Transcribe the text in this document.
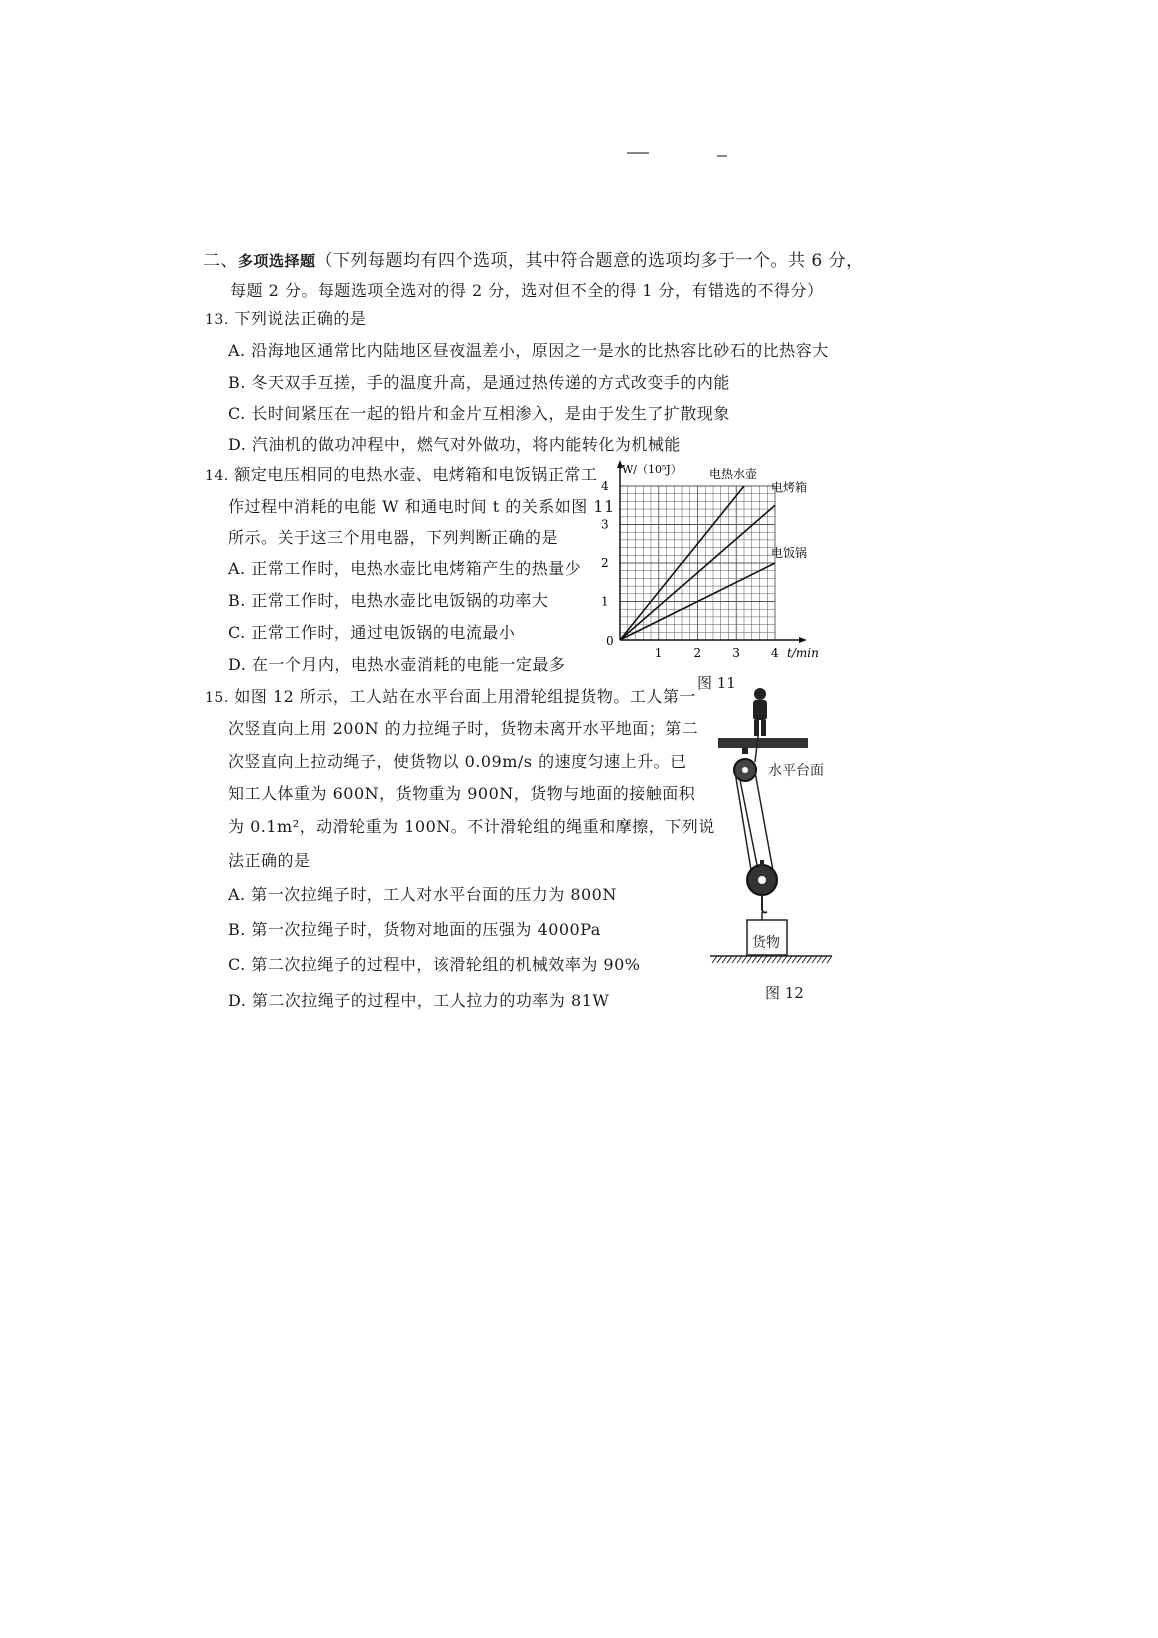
二、多项选择题（下列每题均有四个选项，其中符合题意的选项均多于一个。共 6 分，
每题 2 分。每题选项全选对的得 2 分，选对但不全的得 1 分，有错选的不得分）
13. 下列说法正确的是
A. 沿海地区通常比内陆地区昼夜温差小，原因之一是水的比热容比砂石的比热容大
B. 冬天双手互搓，手的温度升高，是通过热传递的方式改变手的内能
C. 长时间紧压在一起的铅片和金片互相渗入，是由于发生了扩散现象
D. 汽油机的做功冲程中，燃气对外做功，将内能转化为机械能
14. 额定电压相同的电热水壶、电烤箱和电饭锅正常工
作过程中消耗的电能 W 和通电时间 t 的关系如图 11
所示。关于这三个用电器，下列判断正确的是
A. 正常工作时，电热水壶比电烤箱产生的热量少
B. 正常工作时，电热水壶比电饭锅的功率大
C. 正常工作时，通过电饭锅的电流最小
D. 在一个月内，电热水壶消耗的电能一定最多
1	2	3	4
1
2
3
4
0
t/min
W/（10⁵J） 电热水壶
电烤箱
电饭锅
图 11
15. 如图 12 所示，工人站在水平台面上用滑轮组提货物。工人第一
次竖直向上用 200N 的力拉绳子时，货物未离开水平地面；第二
次竖直向上拉动绳子，使货物以 0.09m/s 的速度匀速上升。已
知工人体重为 600N，货物重为 900N，货物与地面的接触面积
为 0.1m²，动滑轮重为 100N。不计滑轮组的绳重和摩擦，下列说
法正确的是
A. 第一次拉绳子时，工人对水平台面的压力为 800N
B. 第一次拉绳子时，货物对地面的压强为 4000Pa
C. 第二次拉绳子的过程中，该滑轮组的机械效率为 90%
D. 第二次拉绳子的过程中，工人拉力的功率为 81W
水平台面
货物
图 12
